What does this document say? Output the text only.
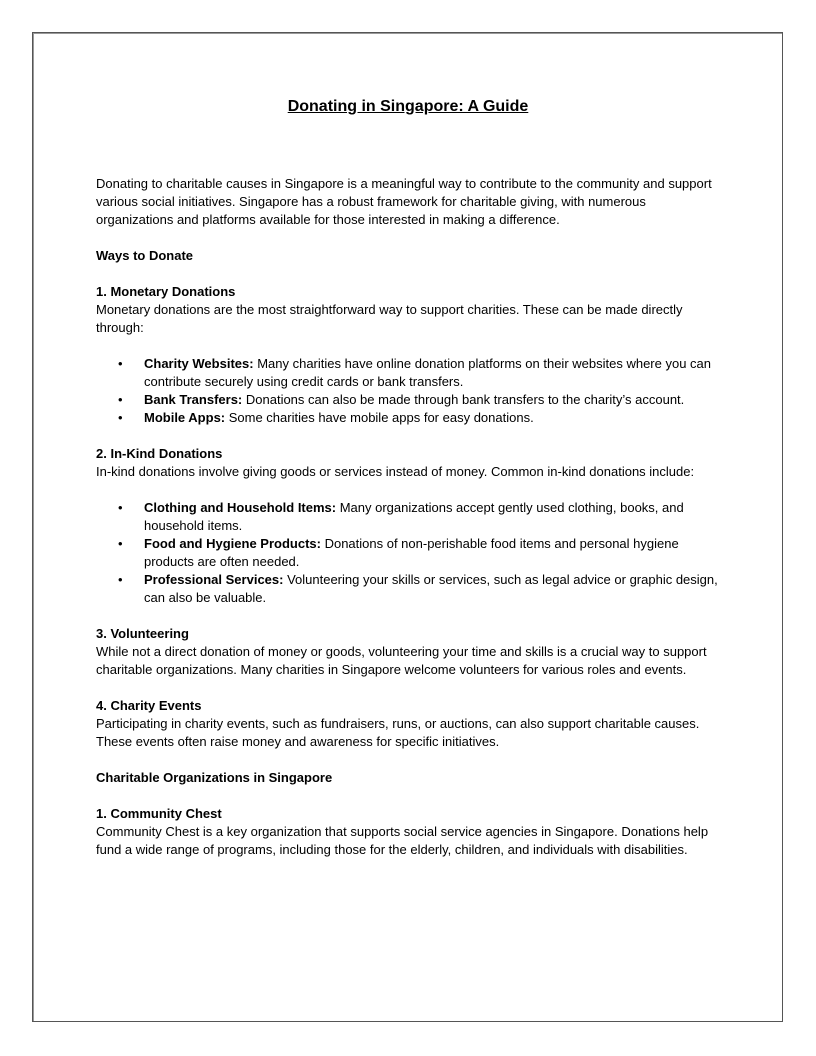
Donating in Singapore: A Guide

Donating to charitable causes in Singapore is a meaningful way to contribute to the community and support various social initiatives. Singapore has a robust framework for charitable giving, with numerous organizations and platforms available for those interested in making a difference.

Ways to Donate

1. Monetary Donations

Monetary donations are the most straightforward way to support charities. These can be made directly through:

• Charity Websites: Many charities have online donation platforms on their websites where you can contribute securely using credit cards or bank transfers.
• Bank Transfers: Donations can also be made through bank transfers to the charity’s account.
• Mobile Apps: Some charities have mobile apps for easy donations.
2. In-Kind Donations

In-kind donations involve giving goods or services instead of money. Common in-kind donations include:

• Clothing and Household Items: Many organizations accept gently used clothing, books, and household items.
• Food and Hygiene Products: Donations of non-perishable food items and personal hygiene products are often needed.
• Professional Services: Volunteering your skills or services, such as legal advice or graphic design, can also be valuable.
3. Volunteering

While not a direct donation of money or goods, volunteering your time and skills is a crucial way to support charitable organizations. Many charities in Singapore welcome volunteers for various roles and events.

4. Charity Events

Participating in charity events, such as fundraisers, runs, or auctions, can also support charitable causes. These events often raise money and awareness for specific initiatives.

Charitable Organizations in Singapore

1. Community Chest

Community Chest is a key organization that supports social service agencies in Singapore. Donations help fund a wide range of programs, including those for the elderly, children, and individuals with disabilities.
